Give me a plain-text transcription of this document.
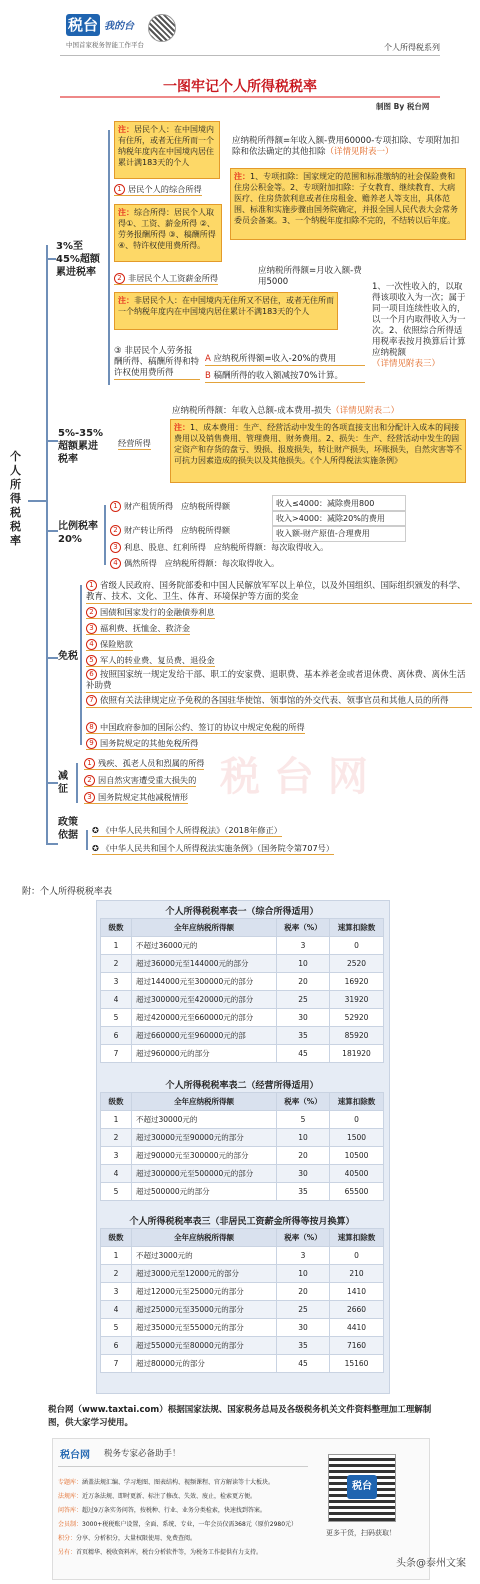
税台 我的台
中国首家税务智能工作平台	个人所得税系列
一图牢记个人所得税税率
制图 By 税台网
个人所得税税率
3%至45%超额累进税率
注：居民个人：在中国境内有住所，或者无住所而一个纳税年度内在中国境内居住累计满183天的个人
1 居民个人的综合所得
注：综合所得：居民个人取得①、工资、薪金所得 ②、劳务报酬所得 ③、稿酬所得 ④、特许权使用费所得。
应纳税所得额=年收入额-费用60000-专项扣除、专项附加扣除和依法确定的其他扣除（详情见附表一）
注：1、专项扣除：国家规定的范围和标准缴纳的社会保险费和住房公积金等。2、专项附加扣除：子女教育、继续教育、大病医疗、住房贷款利息或者住房租金、赡养老人等支出，具体范围、标准和实施步骤由国务院确定，并报全国人民代表大会常务委员会备案。3、一个纳税年度扣除不完的，不结转以后年度。
2 非居民个人工资薪金所得
应纳税所得额=月收入额-费用5000
注：非居民个人：在中国境内无住所又不居住，或者无住所而一个纳税年度内在中国境内居住累计不满183天的个人
1、一次性收入的，以取得该项收入为一次；属于同一项目连续性收入的，以一个月内取得收入为一次。2、依照综合所得适用税率表按月换算后计算应纳税额（详情见附表三）
③ 非居民个人劳务报酬所得、稿酬所得和特许权使用费所得
A 应纳税所得额=收入-20%的费用
B 稿酬所得的收入额减按70%计算。
5%-35%超额累进税率
经营所得
应纳税所得额：年收入总额-成本费用-损失（详情见附表二）
注：1、成本费用：生产、经营活动中发生的各项直接支出和分配计入成本的间接费用以及销售费用、管理费用、财务费用。2、损失：生产、经营活动中发生的固定资产和存货的盘亏、毁损、报废损失，转让财产损失，坏账损失，自然灾害等不可抗力因素造成的损失以及其他损失。《个人所得税法实施条例》
比例税率20%
1 财产租赁所得 应纳税所得额
2 财产转让所得 应纳税所得额
3 利息、股息、红利所得 应纳税所得额：每次取得收入。
4 偶然所得 应纳税所得额：每次取得收入。
收入≤4000：减除费用800
收入>4000：减除20%的费用
收入额-财产原值-合理费用
免税
1 省级人民政府、国务院部委和中国人民解放军军以上单位，以及外国组织、国际组织颁发的科学、教育、技术、文化、卫生、体育、环境保护等方面的奖金
2 国债和国家发行的金融债券利息
3 福利费、抚恤金、救济金
4 保险赔款
5 军人的转业费、复员费、退役金
6 按照国家统一规定发给干部、职工的安家费、退职费、基本养老金或者退休费、离休费、离休生活补助费
7 依照有关法律规定应予免税的各国驻华使馆、领事馆的外交代表、领事官员和其他人员的所得
8 中国政府参加的国际公约、签订的协议中规定免税的所得
9 国务院规定的其他免税所得
减征
1 残疾、孤老人员和烈属的所得
2 因自然灾害遭受重大损失的
3 国务院规定其他减税情形
政策依据	✪ 《中华人民共和国个人所得税法》（2018年修正）
✪ 《中华人民共和国个人所得税法实施条例》（国务院令第707号）
税 台 网
附：个人所得税税率表
个人所得税税率表一（综合所得适用）
级数	全年应纳税所得额	税率（%）	速算扣除数
1	不超过36000元的	3	0
2	超过36000元至144000元的部分	10	2520
3	超过144000元至300000元的部分	20	16920
4	超过300000元至420000元的部分	25	31920
5	超过420000元至660000元的部分	30	52920
6	超过660000元至960000元的部	35	85920
7	超过960000元的部分	45	181920
个人所得税税率表二（经营所得适用）
级数	全年应纳税所得额	税率（%）	速算扣除数
1	不超过30000元的	5	0
2	超过30000元至90000元的部分	10	1500
3	超过90000元至300000元的部分	20	10500
4	超过300000元至500000元的部分	30	40500
5	超过500000元的部分	35	65500
个人所得税税率表三（非居民工资薪金所得等按月换算）
级数	全年应纳税所得额	税率（%）	速算扣除数
1	不超过3000元的	3	0
2	超过3000元至12000元的部分	10	210
3	超过12000元至25000元的部分	20	1410
4	超过25000元至35000元的部分	25	2660
5	超过35000元至55000元的部分	30	4410
6	超过55000元至80000元的部分	35	7160
7	超过80000元的部分	45	15160
税台网（www.taxtai.com）根据国家法规、国家税务总局及各级税务机关文件资料整理加工理解制图，供大家学习使用。
税台网 税务专家必备助手！
专题库：涵盖法规汇编、学习地图、图表结构、视频课程、官方解读等十大板块。
法规库：近万条法规、即时更新、标注了修改、失效、废止，检索更方便。
问答库：超过9万条实务问答，按税种、行业、业务分类检索，快速找到答案。
会员制：3000+税税账户设置，全面、系统、专业，一年会员仅需368元（原价2980元）
积分：分享、分析积分，大量权限使用、免费查阅。
另有：首页精华、税收资料库，税台分析软件等，为税务工作提供有力支持。
税台
更多干货，扫码获取！
头条@泰州文案
